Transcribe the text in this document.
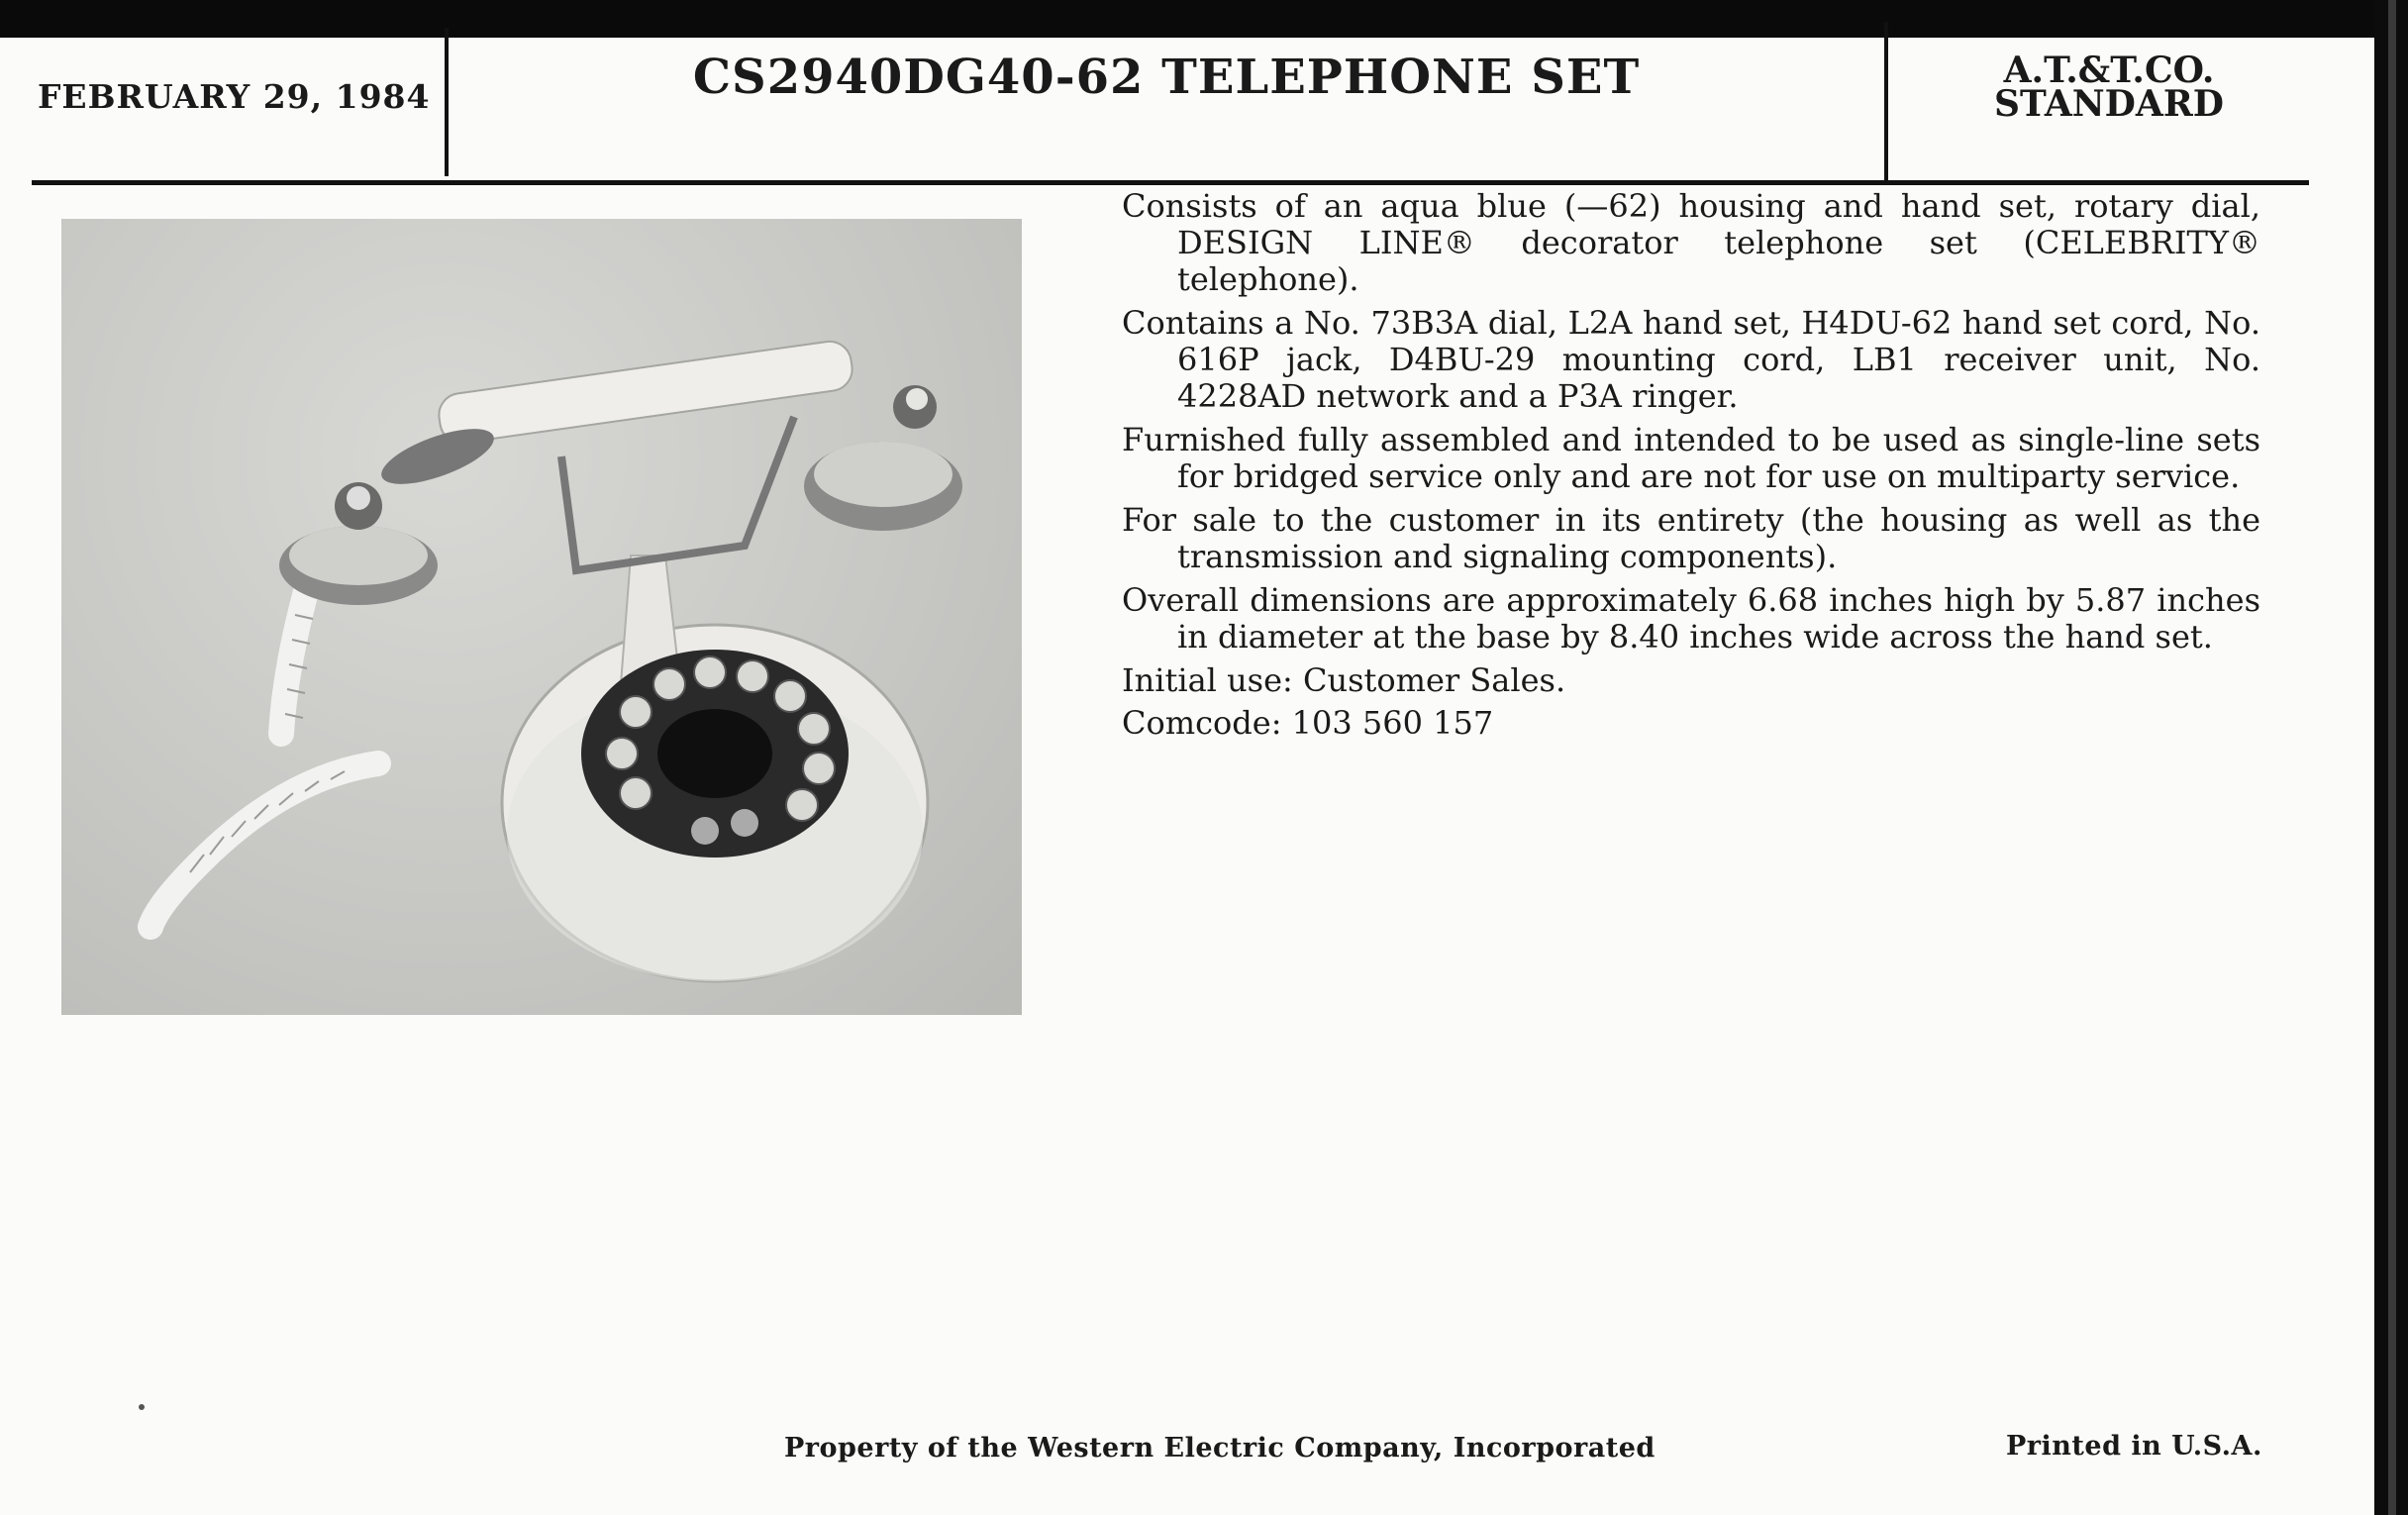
FEBRUARY 29, 1984	CS2940DG40-62 TELEPHONE SET	A.T.&T.CO.
STANDARD

Consists of an aqua blue (—62) housing and hand set, rotary dial, DESIGN LINE® decorator telephone set (CELEBRITY® telephone).

Contains a No. 73B3A dial, L2A hand set, H4DU-62 hand set cord, No. 616P jack, D4BU-29 mounting cord, LB1 receiver unit, No. 4228AD network and a P3A ringer.

Furnished fully assembled and intended to be used as single-line sets for bridged service only and are not for use on multiparty service.

For sale to the customer in its entirety (the housing as well as the transmission and signaling components).

Overall dimensions are approximately 6.68 inches high by 5.87 inches in diameter at the base by 8.40 inches wide across the hand set.

Initial use: Customer Sales.

Comcode: 103 560 157

Property of the Western Electric Company, Incorporated	Printed in U.S.A.
